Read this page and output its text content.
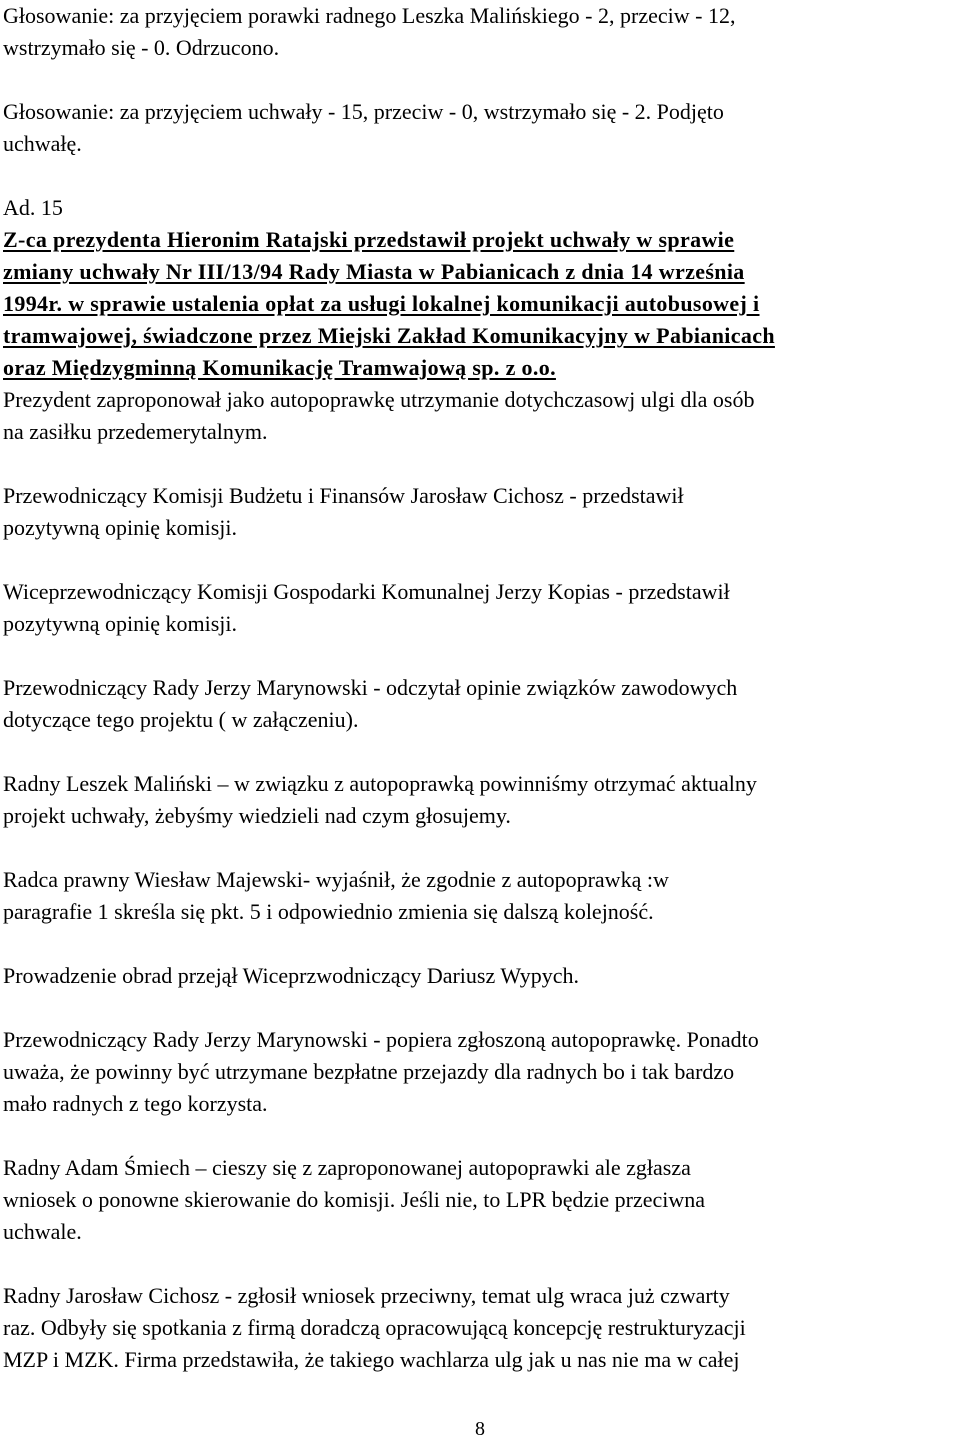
Głosowanie: za przyjęciem porawki radnego Leszka Malińskiego - 2, przeciw - 12,
wstrzymało się - 0. Odrzucono.

Głosowanie: za przyjęciem uchwały - 15, przeciw - 0, wstrzymało się - 2. Podjęto
uchwałę.

Ad. 15
Z-ca prezydenta Hieronim Ratajski przedstawił projekt uchwały w sprawie
zmiany uchwały Nr III/13/94 Rady Miasta w Pabianicach z dnia 14 września
1994r. w sprawie ustalenia opłat za usługi lokalnej komunikacji autobusowej i
tramwajowej, świadczone przez Miejski Zakład Komunikacyjny w Pabianicach
oraz Międzygminną Komunikację Tramwajową sp. z o.o.
Prezydent zaproponował jako autopoprawkę utrzymanie dotychczasowj ulgi dla osób
na zasiłku przedemerytalnym.

Przewodniczący Komisji Budżetu i Finansów Jarosław Cichosz - przedstawił
pozytywną opinię komisji.

Wiceprzewodniczący Komisji Gospodarki Komunalnej Jerzy Kopias - przedstawił
pozytywną opinię komisji.

Przewodniczący Rady Jerzy Marynowski - odczytał opinie związków zawodowych
dotyczące tego projektu ( w załączeniu).

Radny Leszek Maliński – w związku z autopoprawką powinniśmy otrzymać aktualny
projekt uchwały, żebyśmy wiedzieli nad czym głosujemy.

Radca prawny Wiesław Majewski- wyjaśnił, że zgodnie z autopoprawką :w
paragrafie 1 skreśla się pkt. 5 i odpowiednio zmienia się dalszą kolejność.

Prowadzenie obrad przejął Wiceprzwodniczący Dariusz Wypych.

Przewodniczący Rady Jerzy Marynowski - popiera zgłoszoną autopoprawkę. Ponadto
uważa, że powinny być utrzymane bezpłatne przejazdy dla radnych bo i tak bardzo
mało radnych z tego korzysta.

Radny Adam Śmiech – cieszy się z zaproponowanej autopoprawki ale zgłasza
wniosek o ponowne skierowanie do komisji. Jeśli nie, to LPR będzie przeciwna
uchwale.

Radny Jarosław Cichosz - zgłosił wniosek przeciwny, temat ulg wraca już czwarty
raz. Odbyły się spotkania z firmą doradczą opracowującą koncepcję restrukturyzacji
MZP i MZK. Firma przedstawiła, że takiego wachlarza ulg jak u nas nie ma w całej

8
